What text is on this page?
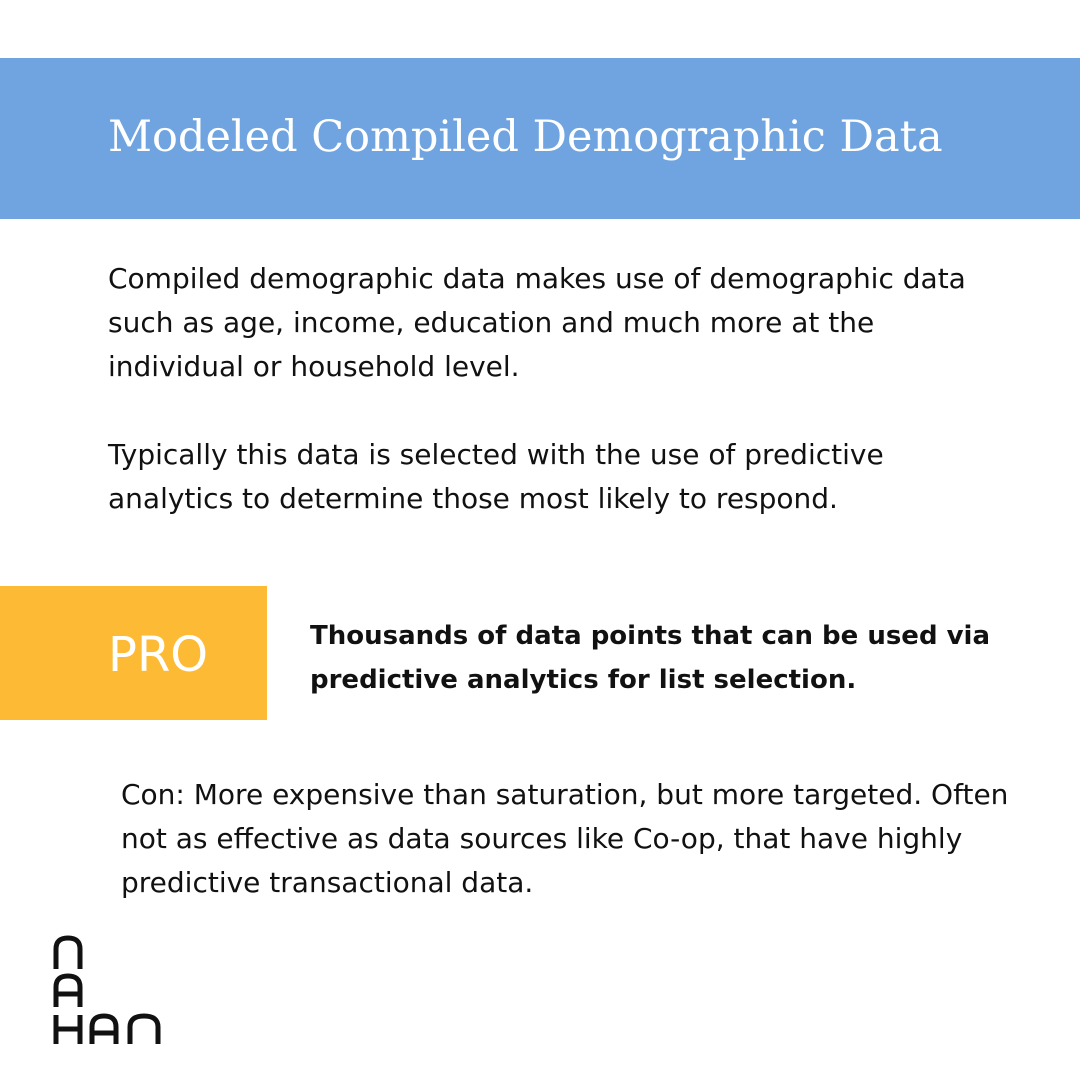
Modeled Compiled Demographic Data

Compiled demographic data makes use of demographic data such as age, income, education and much more at the individual or household level.

Typically this data is selected with the use of predictive analytics to determine those most likely to respond.

PRO	Thousands of data points that can be used via predictive analytics for list selection.

Con: More expensive than saturation, but more targeted. Often not as effective as data sources like Co-op, that have highly predictive transactional data.
